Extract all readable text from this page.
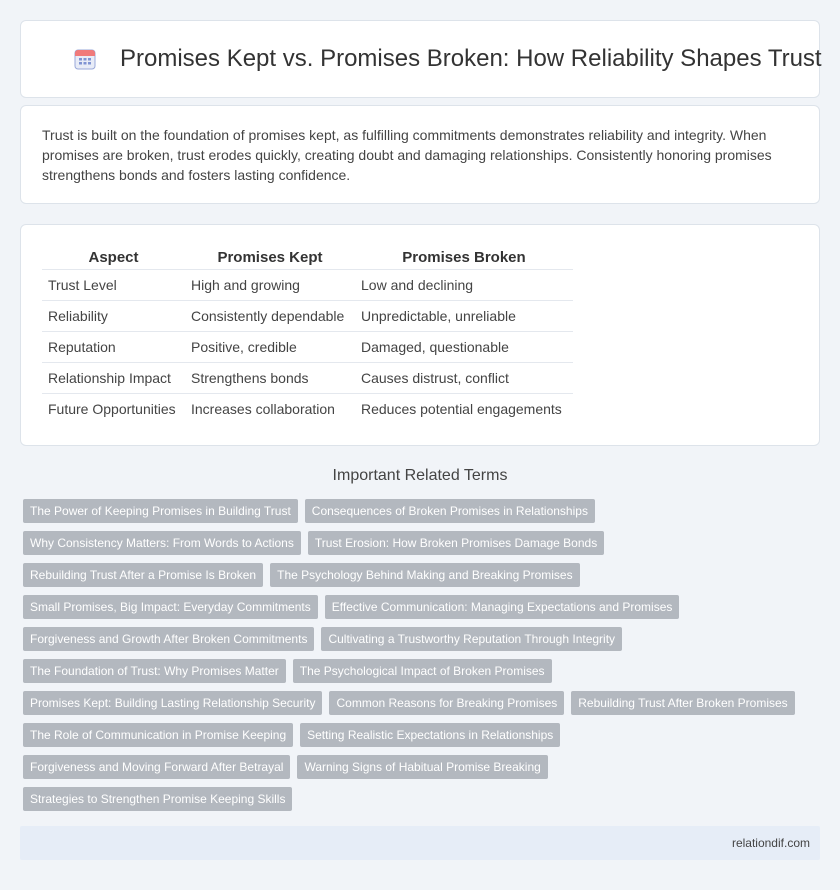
Promises Kept vs. Promises Broken: How Reliability Shapes Trust

Trust is built on the foundation of promises kept, as fulfilling commitments demonstrates reliability and integrity. When promises are broken, trust erodes quickly, creating doubt and damaging relationships. Consistently honoring promises strengthens bonds and fosters lasting confidence.

Aspect	Promises Kept	Promises Broken
Trust Level	High and growing	Low and declining
Reliability	Consistently dependable	Unpredictable, unreliable
Reputation	Positive, credible	Damaged, questionable
Relationship Impact	Strengthens bonds	Causes distrust, conflict
Future Opportunities	Increases collaboration	Reduces potential engagements
Important Related Terms
The Power of Keeping Promises in Building Trust	Consequences of Broken Promises in Relationships
Why Consistency Matters: From Words to Actions	Trust Erosion: How Broken Promises Damage Bonds
Rebuilding Trust After a Promise Is Broken	The Psychology Behind Making and Breaking Promises
Small Promises, Big Impact: Everyday Commitments	Effective Communication: Managing Expectations and Promises
Forgiveness and Growth After Broken Commitments	Cultivating a Trustworthy Reputation Through Integrity
The Foundation of Trust: Why Promises Matter	The Psychological Impact of Broken Promises
Promises Kept: Building Lasting Relationship Security	Common Reasons for Breaking Promises	Rebuilding Trust After Broken Promises
The Role of Communication in Promise Keeping	Setting Realistic Expectations in Relationships
Forgiveness and Moving Forward After Betrayal	Warning Signs of Habitual Promise Breaking
Strategies to Strengthen Promise Keeping Skills
relationdif.com
